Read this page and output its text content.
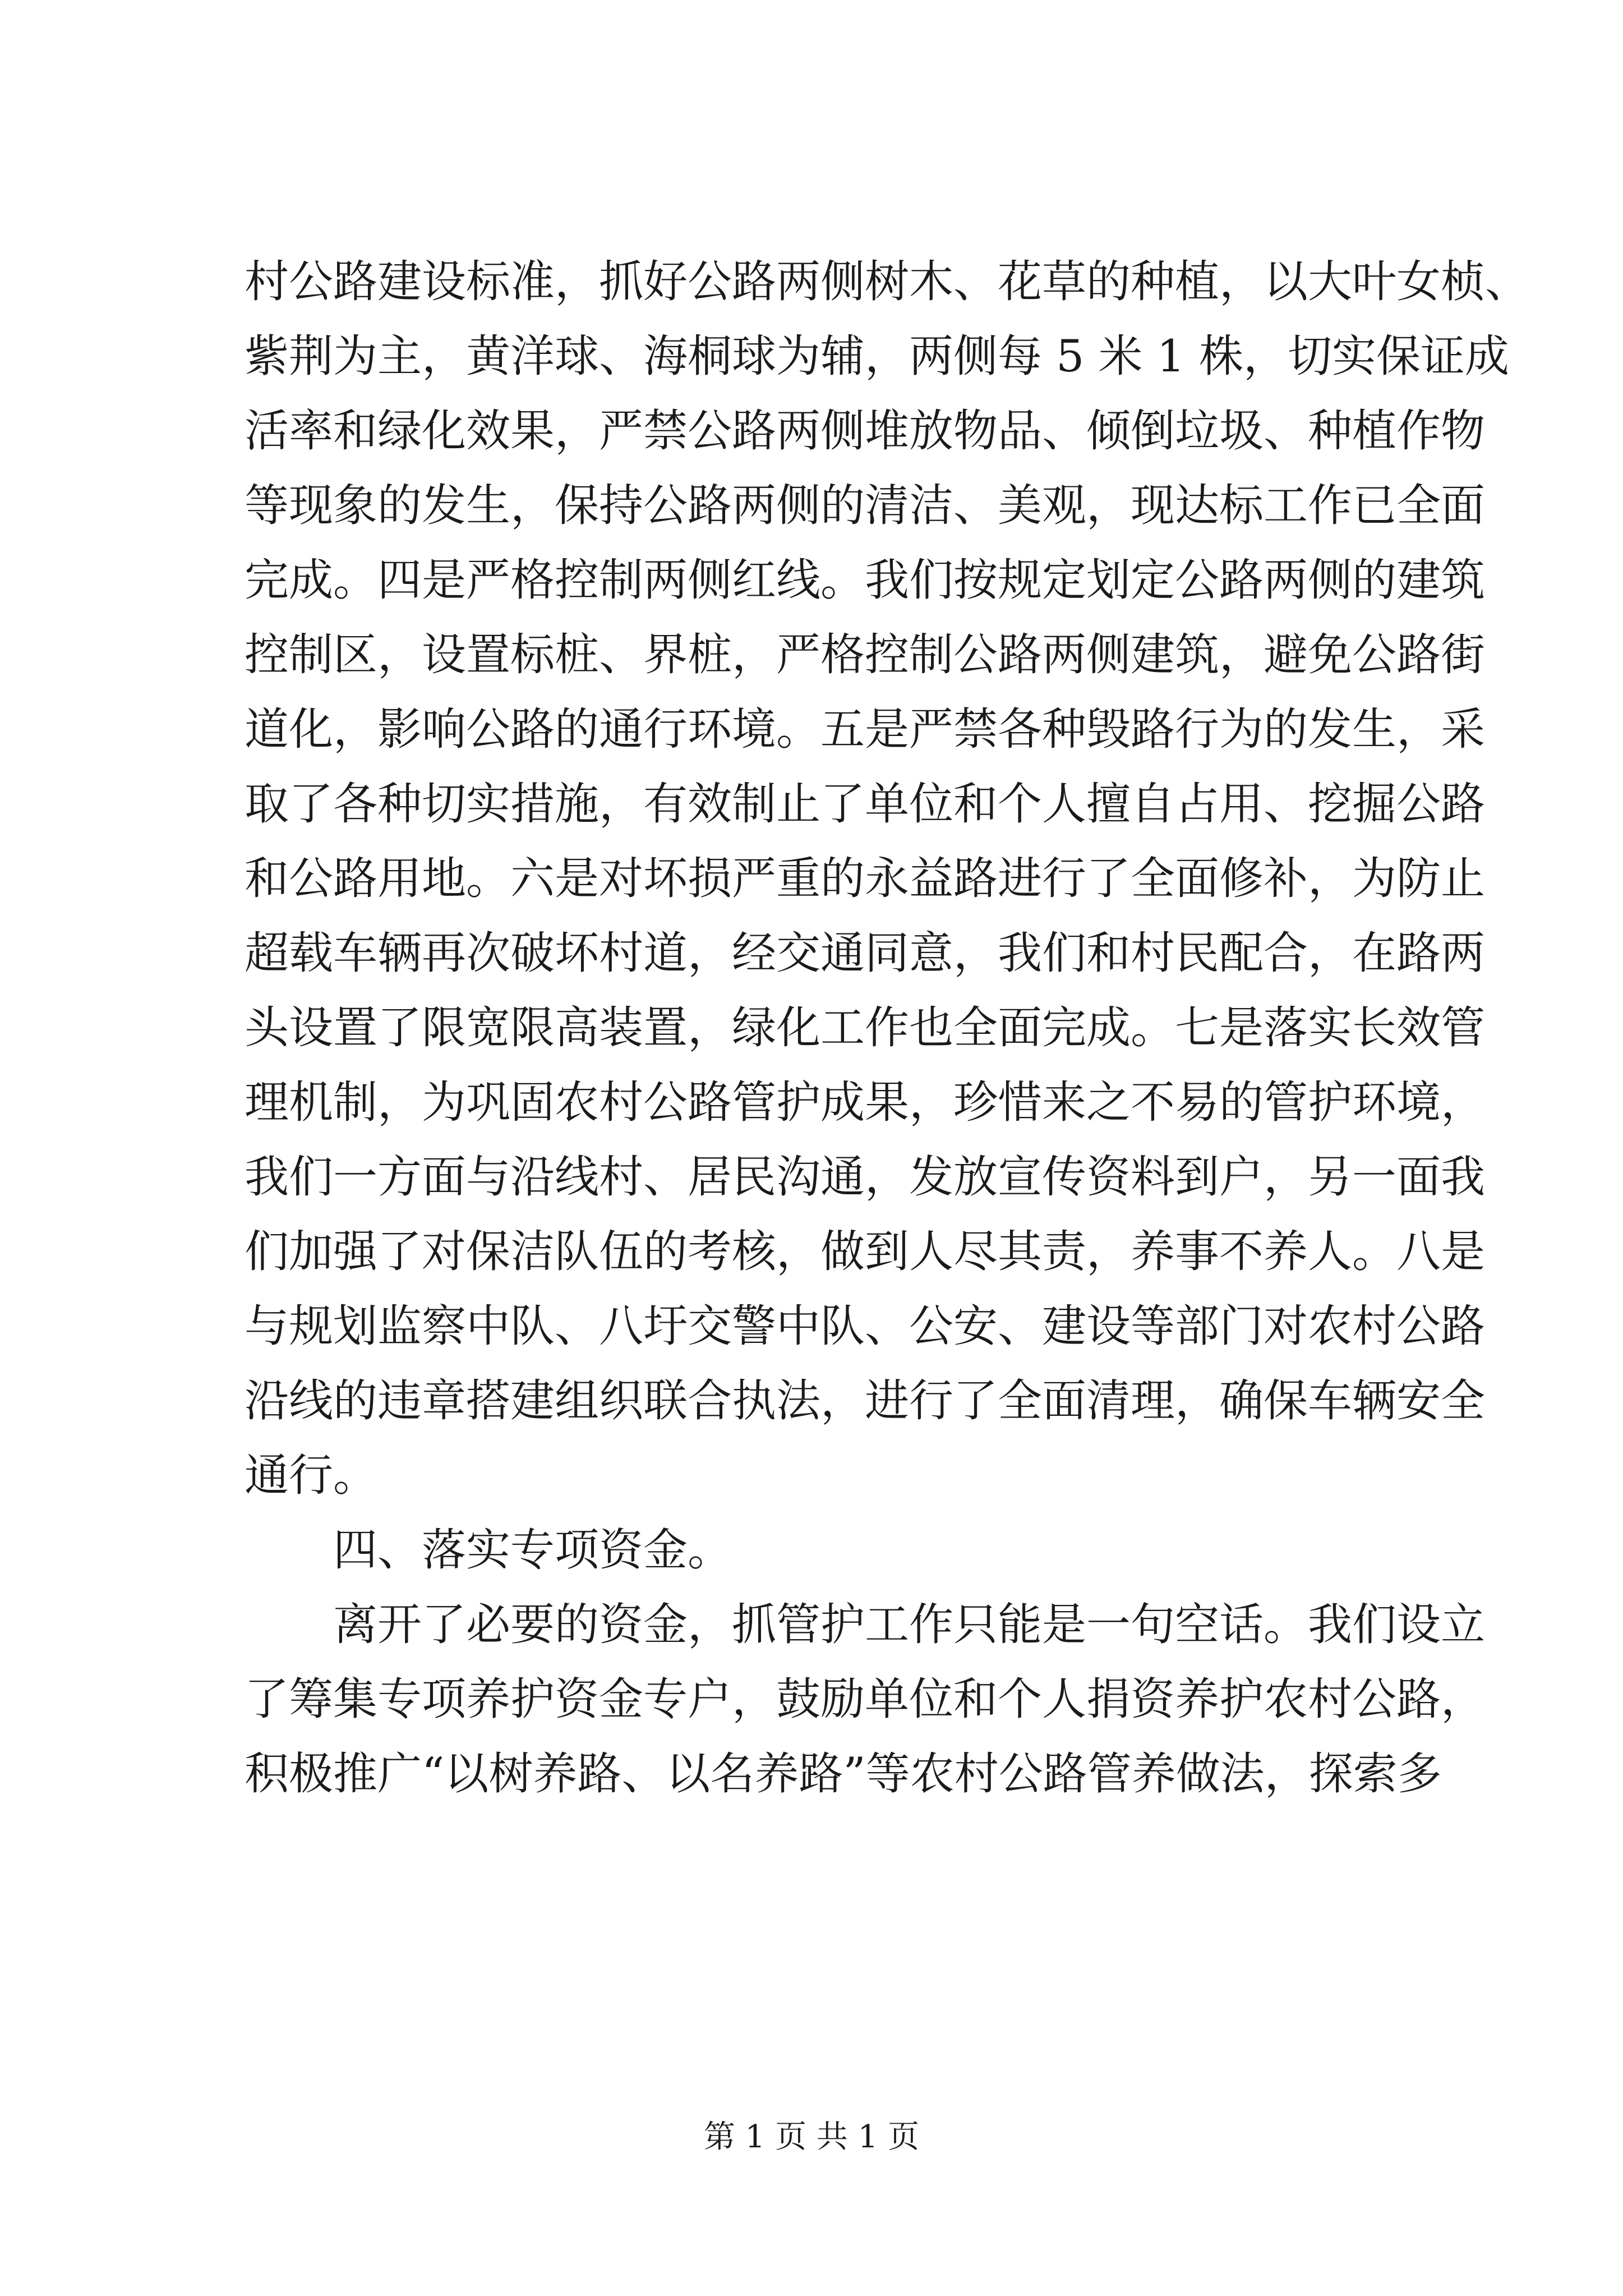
村公路建设标准，抓好公路两侧树木、花草的种植，以大叶女桢、
紫荆为主，黄洋球、海桐球为辅，两侧每 5 米 1 株，切实保证成
活率和绿化效果，严禁公路两侧堆放物品、倾倒垃圾、种植作物
等现象的发生，保持公路两侧的清洁、美观，现达标工作已全面
完成。四是严格控制两侧红线。我们按规定划定公路两侧的建筑
控制区，设置标桩、界桩，严格控制公路两侧建筑，避免公路街
道化，影响公路的通行环境。五是严禁各种毁路行为的发生，采
取了各种切实措施，有效制止了单位和个人擅自占用、挖掘公路
和公路用地。六是对坏损严重的永益路进行了全面修补，为防止
超载车辆再次破坏村道，经交通同意，我们和村民配合，在路两
头设置了限宽限高装置，绿化工作也全面完成。七是落实长效管
理机制，为巩固农村公路管护成果，珍惜来之不易的管护环境，
我们一方面与沿线村、居民沟通，发放宣传资料到户，另一面我
们加强了对保洁队伍的考核，做到人尽其责，养事不养人。八是
与规划监察中队、八圩交警中队、公安、建设等部门对农村公路
沿线的违章搭建组织联合执法，进行了全面清理，确保车辆安全
通行。
四、落实专项资金。
离开了必要的资金，抓管护工作只能是一句空话。我们设立
了筹集专项养护资金专户，鼓励单位和个人捐资养护农村公路，
积极推广“以树养路、以名养路”等农村公路管养做法，探索多
第 1 页 共 1 页
